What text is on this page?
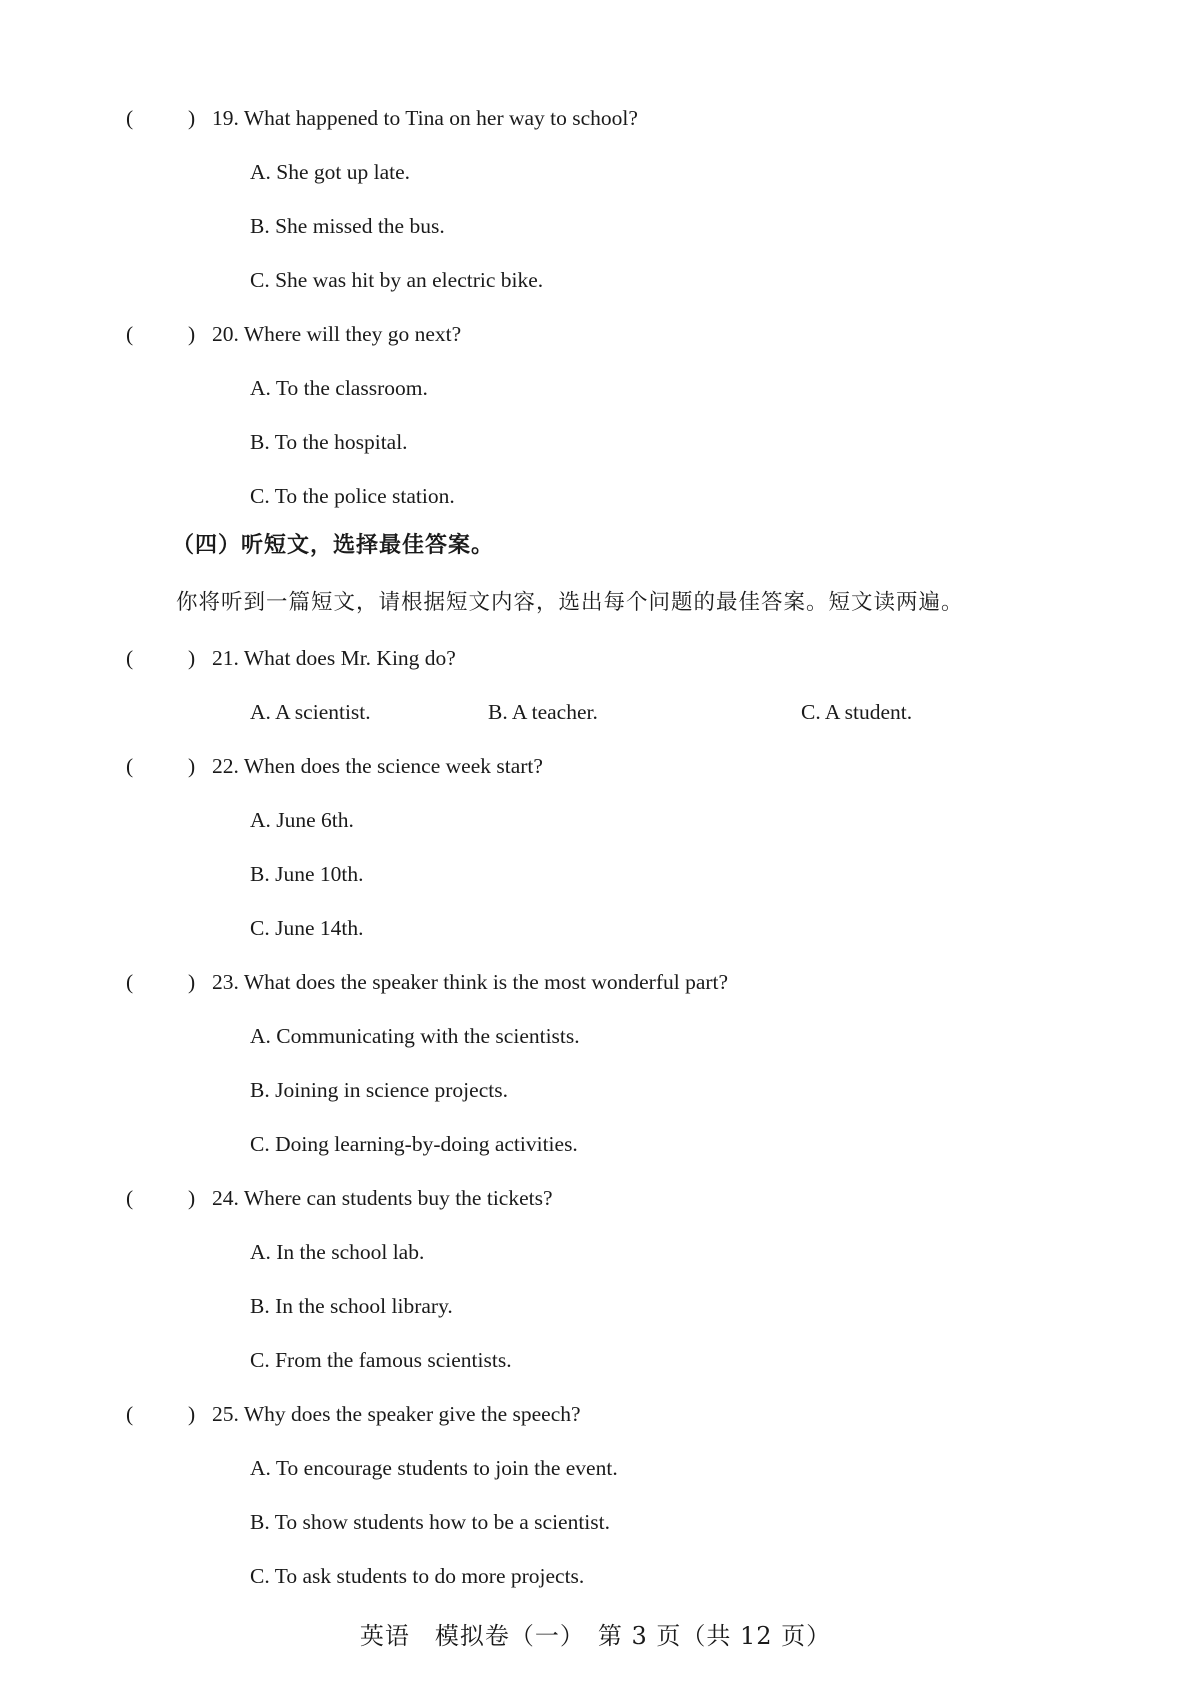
(	) 19. What happened to Tina on her way to school?
A. She got up late.
B. She missed the bus.
C. She was hit by an electric bike.
(	) 20. Where will they go next?
A. To the classroom.
B. To the hospital.
C. To the police station.
（四）听短文，选择最佳答案。
你将听到一篇短文，请根据短文内容，选出每个问题的最佳答案。短文读两遍。
(	) 21. What does Mr. King do?
A. A scientist.	B. A teacher.	C. A student.
(	) 22. When does the science week start?
A. June 6th.
B. June 10th.
C. June 14th.
(	) 23. What does the speaker think is the most wonderful part?
A. Communicating with the scientists.
B. Joining in science projects.
C. Doing learning-by-doing activities.
(	) 24. Where can students buy the tickets?
A. In the school lab.
B. In the school library.
C. From the famous scientists.
(	) 25. Why does the speaker give the speech?
A. To encourage students to join the event.
B. To show students how to be a scientist.
C. To ask students to do more projects.
英语　模拟卷（一）　第 3 页（共 12 页）
